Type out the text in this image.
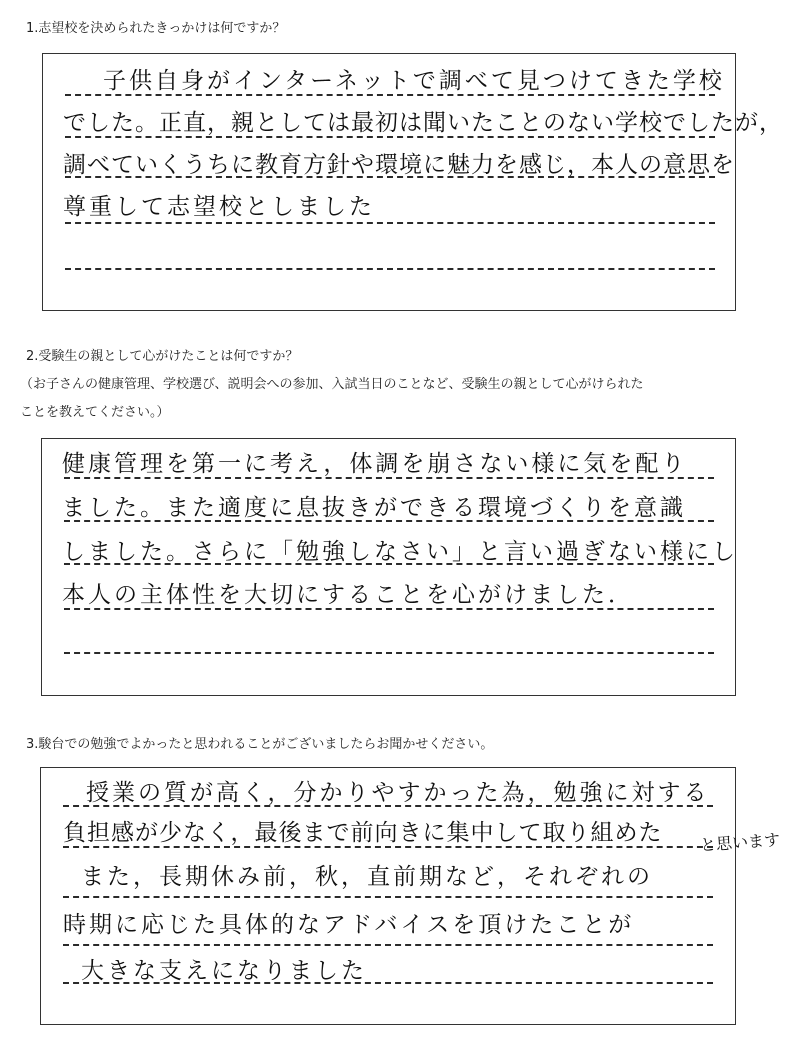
1.志望校を決められたきっかけは何ですか？
子供自身がインターネットで調べて見つけてきた学校
でした。正直，親としては最初は聞いたことのない学校でしたが，
調べていくうちに教育方針や環境に魅力を感じ，本人の意思を
尊重して志望校としました
2.受験生の親として心がけたことは何ですか？
（お子さんの健康管理、学校選び、説明会への参加、入試当日のことなど、受験生の親として心がけられた
ことを教えてください。）
健康管理を第一に考え，体調を崩さない様に気を配り
ました。また適度に息抜きができる環境づくりを意識
しました。さらに「勉強しなさい」と言い過ぎない様にし
本人の主体性を大切にすることを心がけました．
3.駿台での勉強でよかったと思われることがございましたらお聞かせください。
授業の質が高く，分かりやすかった為，勉強に対する
負担感が少なく，最後まで前向きに集中して取り組めた
また，長期休み前，秋，直前期など，それぞれの
時期に応じた具体的なアドバイスを頂けたことが
大きな支えになりました
と思います
